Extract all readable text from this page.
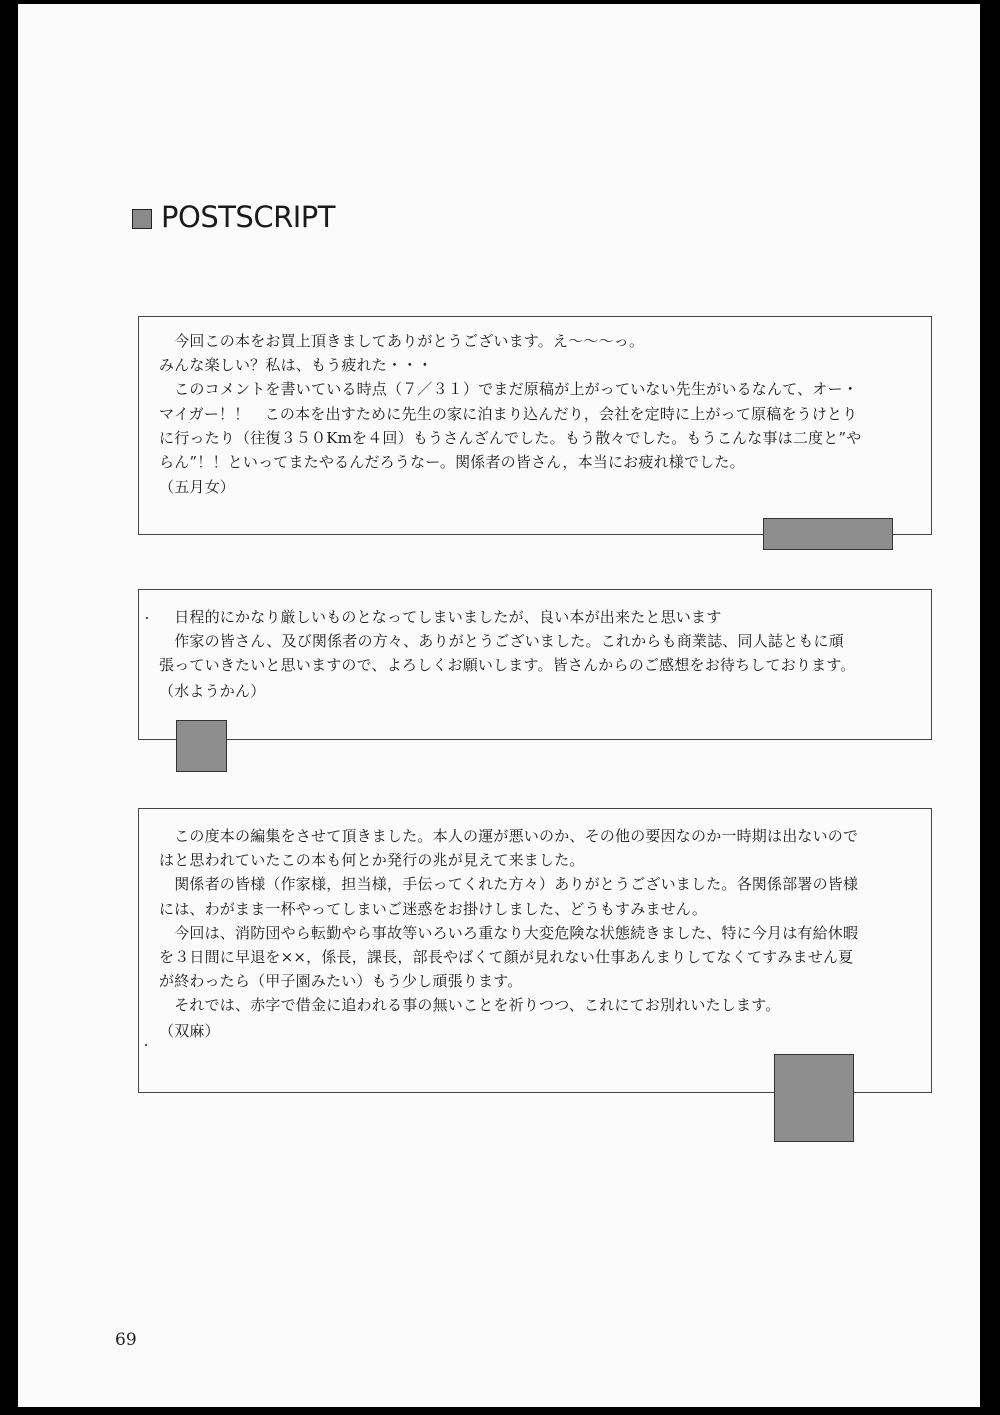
POSTSCRIPT
　今回この本をお買上頂きましてありがとうございます。え〜〜〜っ。
みんな楽しい？私は、もう疲れた・・・
　このコメントを書いている時点（７／３１）でまだ原稿が上がっていない先生がいるなんて、オー・
マイガー！！　この本を出すために先生の家に泊まり込んだり，会社を定時に上がって原稿をうけとり
に行ったり（往復３５０Kmを４回）もうさんざんでした。もう散々でした。もうこんな事は二度と”や
らん”！！といってまたやるんだろうなー。関係者の皆さん，本当にお疲れ様でした。
（五月女）
　日程的にかなり厳しいものとなってしまいましたが、良い本が出来たと思います
　作家の皆さん、及び関係者の方々、ありがとうございました。これからも商業誌、同人誌ともに頑
張っていきたいと思いますので、よろしくお願いします。皆さんからのご感想をお待ちしております。
（水ようかん）
　この度本の編集をさせて頂きました。本人の運が悪いのか、その他の要因なのか一時期は出ないので
はと思われていたこの本も何とか発行の兆が見えて来ました。
　関係者の皆様（作家様，担当様，手伝ってくれた方々）ありがとうございました。各関係部署の皆様
には、わがまま一杯やってしまいご迷惑をお掛けしました、どうもすみません。
　今回は、消防団やら転勤やら事故等いろいろ重なり大変危険な状態続きました、特に今月は有給休暇
を３日間に早退を××，係長，課長，部長やばくて顔が見れない仕事あんまりしてなくてすみません夏
が終わったら（甲子園みたい）もう少し頑張ります。
　それでは、赤字で借金に追われる事の無いことを祈りつつ、これにてお別れいたします。
（双麻）
69
